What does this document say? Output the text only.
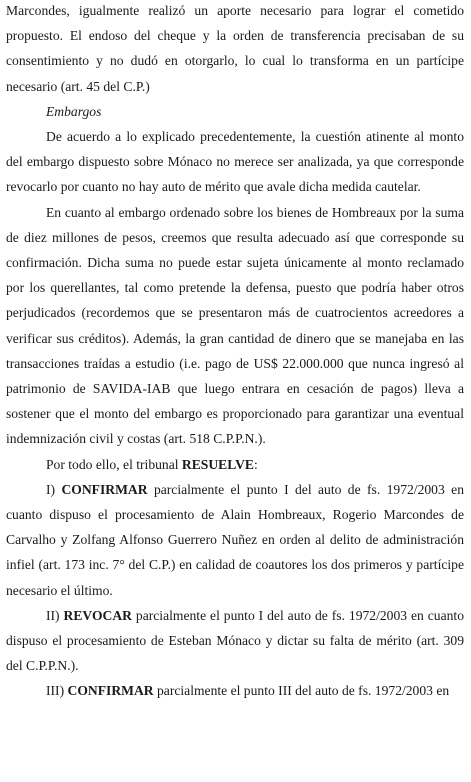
Marcondes, igualmente realizó un aporte necesario para lograr el cometido propuesto. El endoso del cheque y la orden de transferencia precisaban de su consentimiento y no dudó en otorgarlo, lo cual lo transforma en un partícipe necesario (art. 45 del C.P.)

Embargos

De acuerdo a lo explicado precedentemente, la cuestión atinente al monto del embargo dispuesto sobre Mónaco no merece ser analizada, ya que corresponde revocarlo por cuanto no hay auto de mérito que avale dicha medida cautelar.

En cuanto al embargo ordenado sobre los bienes de Hombreaux por la suma de diez millones de pesos, creemos que resulta adecuado así que corresponde su confirmación. Dicha suma no puede estar sujeta únicamente al monto reclamado por los querellantes, tal como pretende la defensa, puesto que podría haber otros perjudicados (recordemos que se presentaron más de cuatrocientos acreedores a verificar sus créditos). Además, la gran cantidad de dinero que se manejaba en las transacciones traídas a estudio (i.e. pago de US$ 22.000.000 que nunca ingresó al patrimonio de SAVIDA-IAB que luego entrara en cesación de pagos) lleva a sostener que el monto del embargo es proporcionado para garantizar una eventual indemnización civil y costas (art. 518 C.P.P.N.).

Por todo ello, el tribunal RESUELVE:

I) CONFIRMAR parcialmente el punto I del auto de fs. 1972/2003 en cuanto dispuso el procesamiento de Alain Hombreaux, Rogerio Marcondes de Carvalho y Zolfang Alfonso Guerrero Nuñez en orden al delito de administración infiel (art. 173 inc. 7° del C.P.) en calidad de coautores los dos primeros y partícipe necesario el último.

II) REVOCAR parcialmente el punto I del auto de fs. 1972/2003 en cuanto dispuso el procesamiento de Esteban Mónaco y dictar su falta de mérito (art. 309 del C.P.P.N.).

III) CONFIRMAR parcialmente el punto III del auto de fs. 1972/2003 en
